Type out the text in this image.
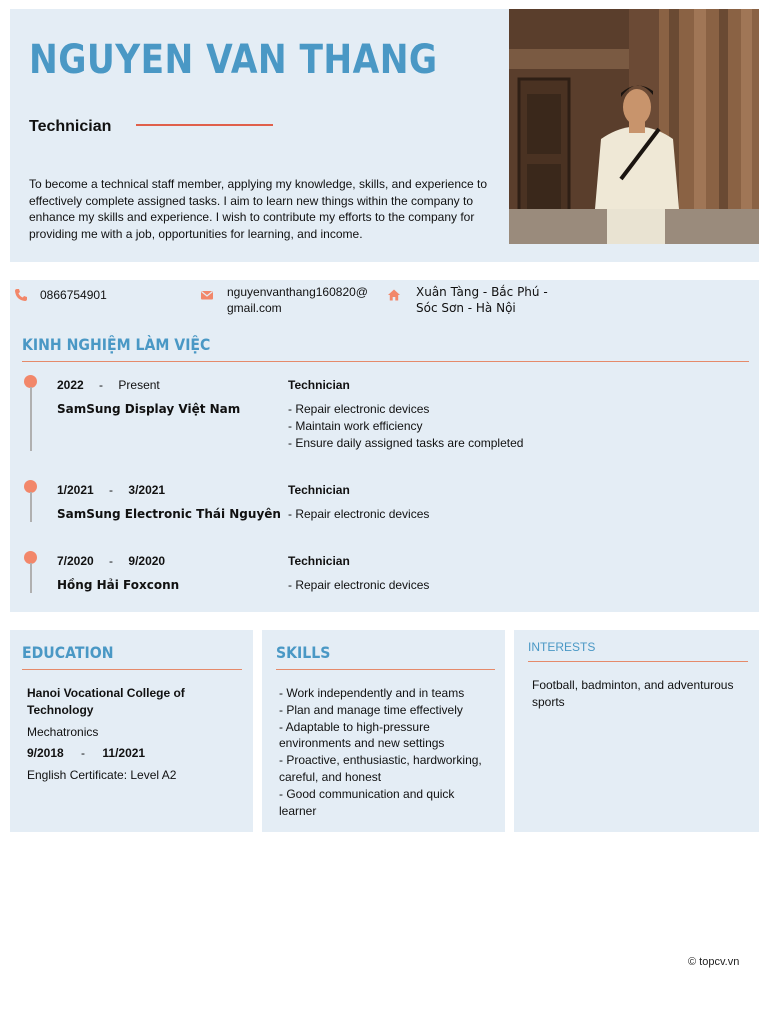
NGUYEN VAN THANG
Technician
To become a technical staff member, applying my knowledge, skills, and experience to effectively complete assigned tasks. I aim to learn new things within the company to enhance my skills and experience. I wish to contribute my efforts to the company for providing me with a job, opportunities for learning, and income.
0866754901	nguyenvanthang160820@
gmail.com
Xuân Tàng - Bắc Phú -
Sóc Sơn - Hà Nội
KINH NGHIỆM LÀM VIỆC
2022 - Present
SamSung Display Việt Nam
Technician
- Repair electronic devices
- Maintain work efficiency
- Ensure daily assigned tasks are completed
1/2021 - 3/2021
SamSung Electronic Thái Nguyên
Technician
- Repair electronic devices
7/2020 - 9/2020
Hồng Hải Foxconn
Technician
- Repair electronic devices
EDUCATION
Hanoi Vocational College of
Technology
Mechatronics
9/2018 - 11/2021
English Certificate: Level A2
SKILLS
- Work independently and in teams
- Plan and manage time effectively
- Adaptable to high-pressure
environments and new settings
- Proactive, enthusiastic, hardworking,
careful, and honest
- Good communication and quick
learner
INTERESTS
Football, badminton, and adventurous
sports
© topcv.vn
